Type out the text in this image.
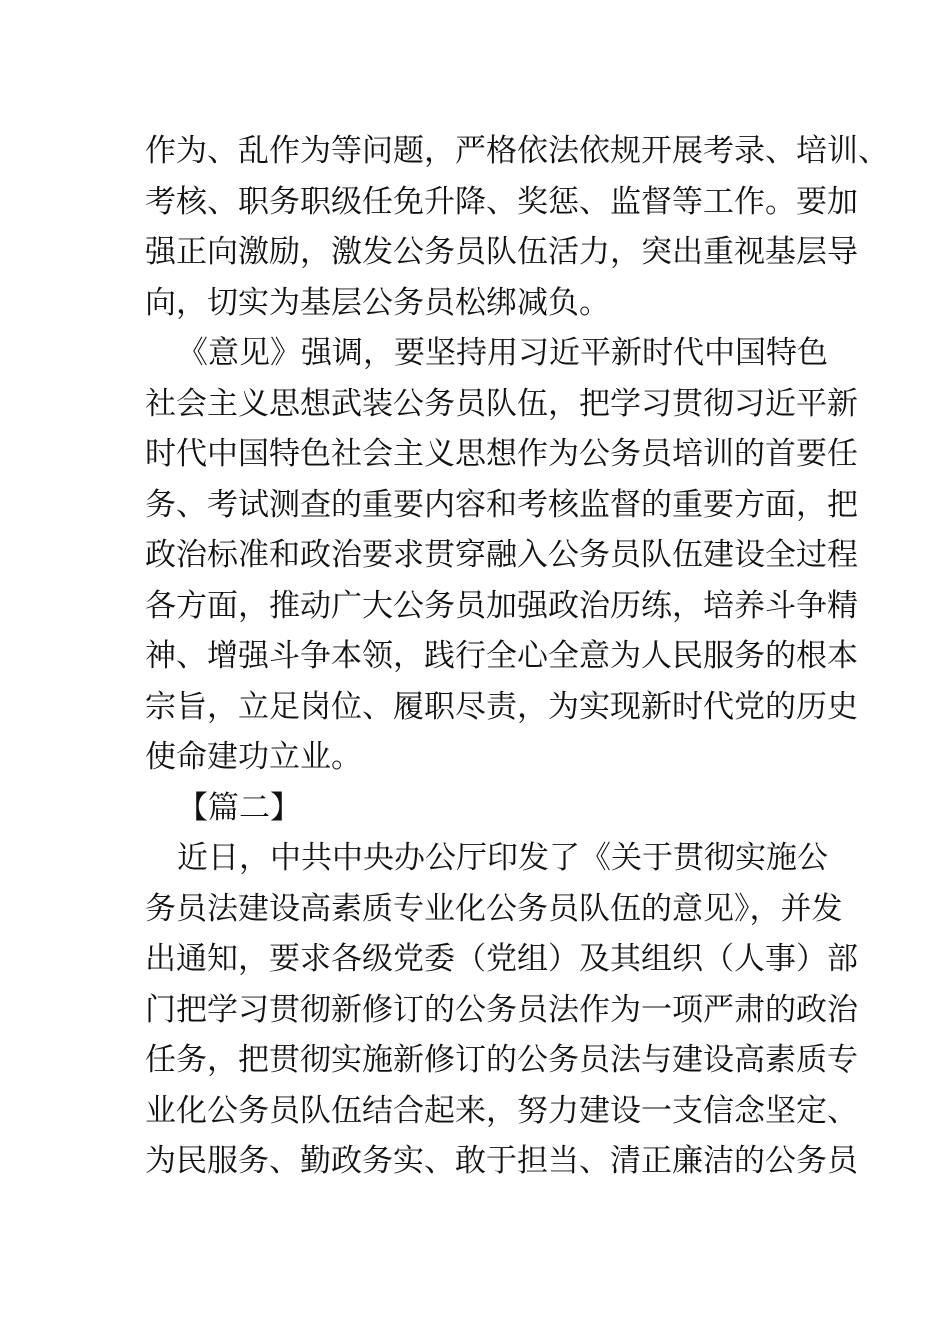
作为、乱作为等问题，严格依法依规开展考录、培训、
考核、职务职级任免升降、奖惩、监督等工作。要加
强正向激励，激发公务员队伍活力，突出重视基层导
向，切实为基层公务员松绑减负。
《意见》强调，要坚持用习近平新时代中国特色
社会主义思想武装公务员队伍，把学习贯彻习近平新
时代中国特色社会主义思想作为公务员培训的首要任
务、考试测查的重要内容和考核监督的重要方面，把
政治标准和政治要求贯穿融入公务员队伍建设全过程
各方面，推动广大公务员加强政治历练，培养斗争精
神、增强斗争本领，践行全心全意为人民服务的根本
宗旨，立足岗位、履职尽责，为实现新时代党的历史
使命建功立业。
【篇二】
近日，中共中央办公厅印发了《关于贯彻实施公
务员法建设高素质专业化公务员队伍的意见》，并发
出通知，要求各级党委（党组）及其组织（人事）部
门把学习贯彻新修订的公务员法作为一项严肃的政治
任务，把贯彻实施新修订的公务员法与建设高素质专
业化公务员队伍结合起来，努力建设一支信念坚定、
为民服务、勤政务实、敢于担当、清正廉洁的公务员
